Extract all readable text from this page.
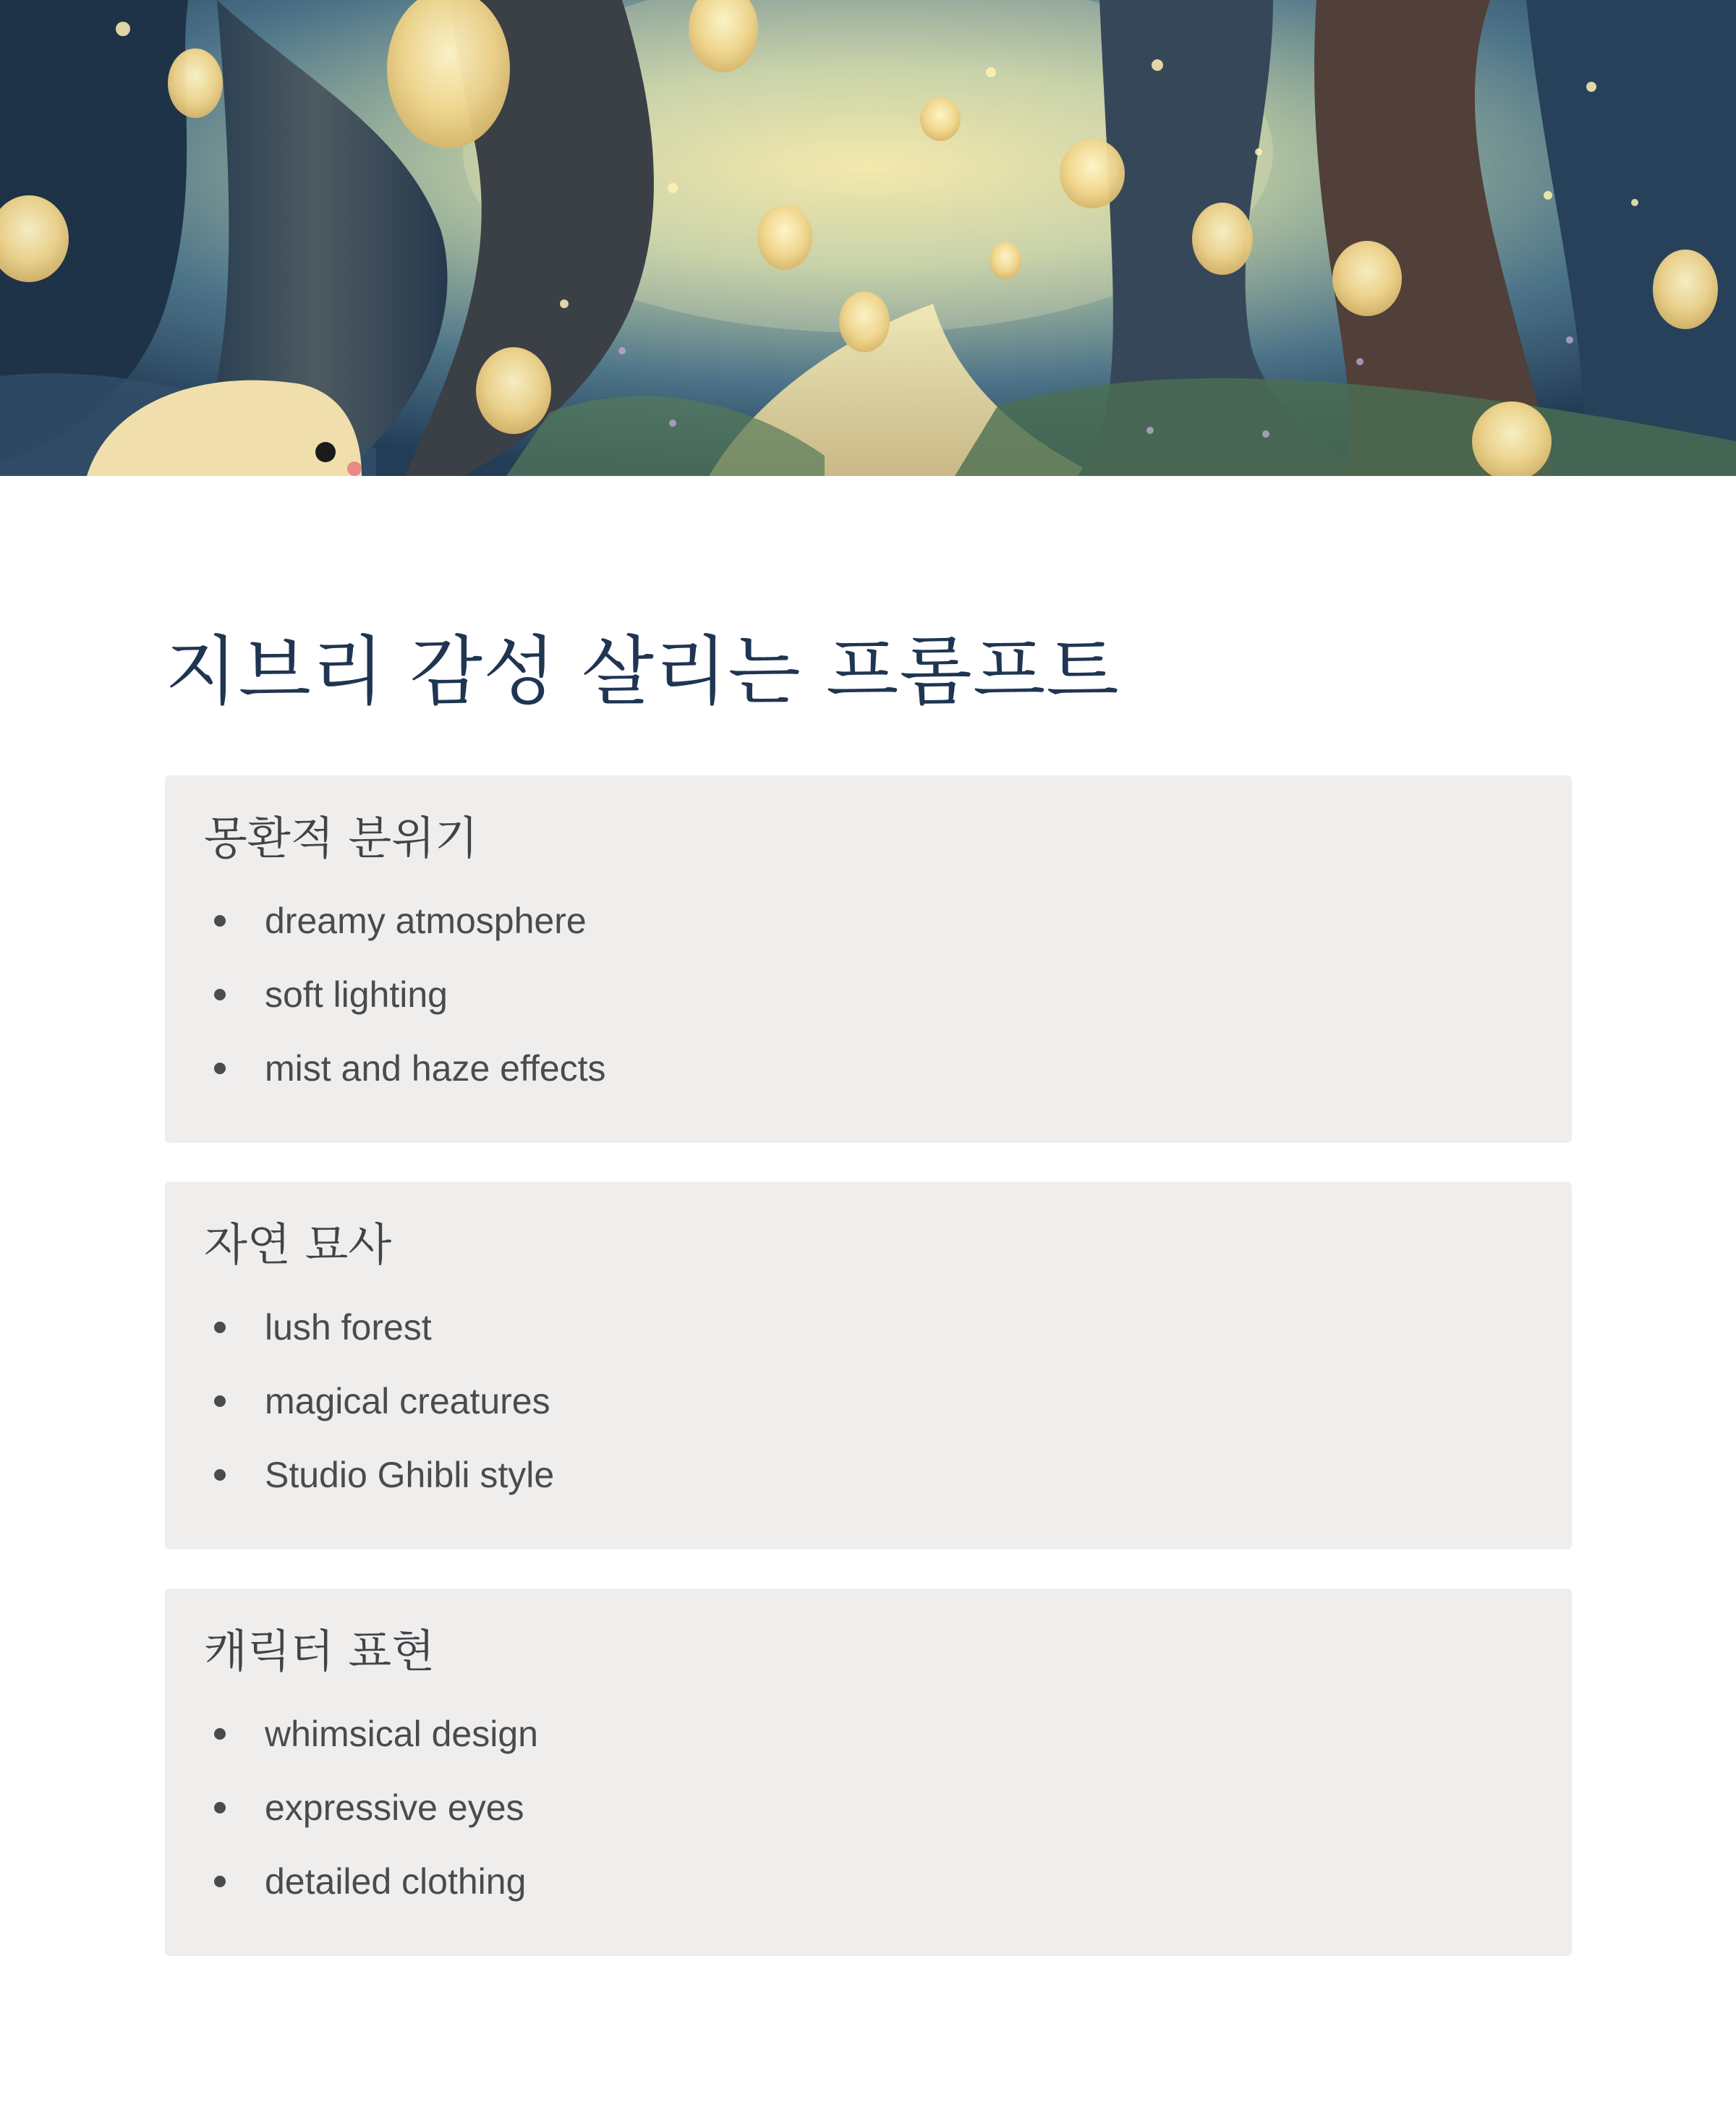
지브리 감성 살리는 프롬프트
몽환적 분위기
dreamy atmosphere
soft lighting
mist and haze effects
자연 묘사
lush forest
magical creatures
Studio Ghibli style
캐릭터 표현
whimsical design
expressive eyes
detailed clothing
